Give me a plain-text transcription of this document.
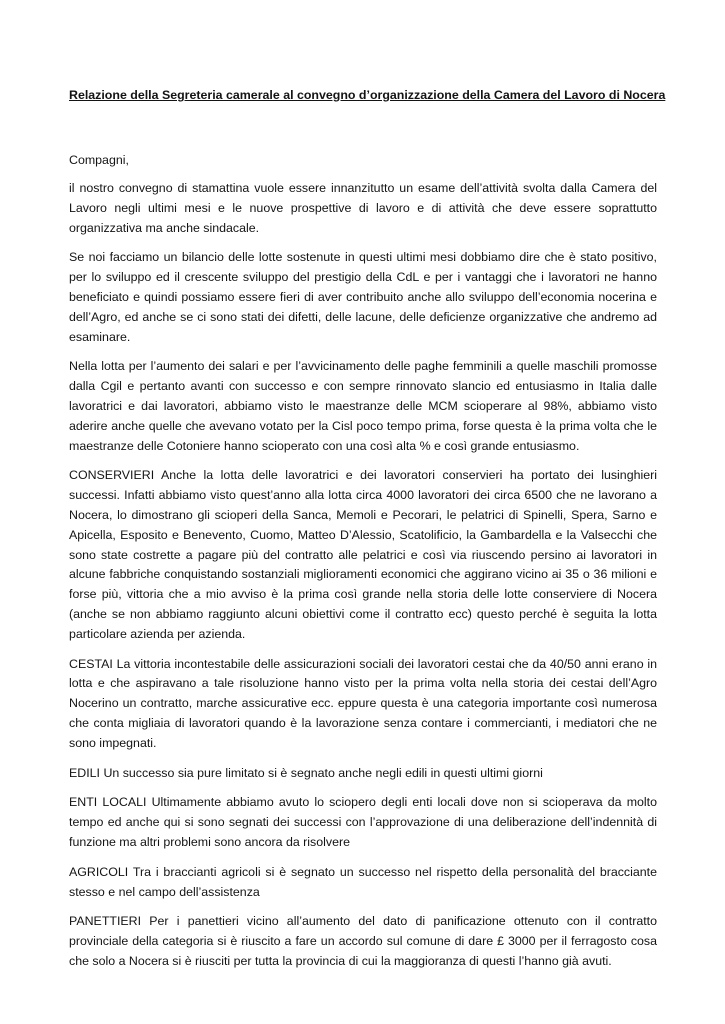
Relazione della Segreteria camerale al convegno d’organizzazione della Camera del Lavoro di Nocera

Compagni,

il nostro convegno di stamattina vuole essere innanzitutto un esame dell’attività svolta dalla Camera del Lavoro negli ultimi mesi e le nuove prospettive di lavoro e di attività che deve essere soprattutto organizzativa ma anche sindacale.

Se noi facciamo un bilancio delle lotte sostenute in questi ultimi mesi dobbiamo dire che è stato positivo, per lo sviluppo ed il crescente sviluppo del prestigio della CdL e per i vantaggi che i lavoratori ne hanno beneficiato e quindi possiamo essere fieri di aver contribuito anche allo sviluppo dell’economia nocerina e dell’Agro, ed anche se ci sono stati dei difetti, delle lacune, delle deficienze organizzative che andremo ad esaminare.

Nella lotta per l’aumento dei salari e per l’avvicinamento delle paghe femminili a quelle maschili promosse dalla Cgil e pertanto avanti con successo e con sempre rinnovato slancio ed entusiasmo in Italia dalle lavoratrici e dai lavoratori, abbiamo visto le maestranze delle MCM scioperare al 98%, abbiamo visto aderire anche quelle che avevano votato per la Cisl poco tempo prima, forse questa è la prima volta che le maestranze delle Cotoniere hanno scioperato con una così alta % e così grande entusiasmo.

CONSERVIERI Anche la lotta delle lavoratrici e dei lavoratori conservieri ha portato dei lusinghieri successi. Infatti abbiamo visto quest’anno alla lotta circa 4000 lavoratori dei circa 6500 che ne lavorano a Nocera, lo dimostrano gli scioperi della Sanca, Memoli e Pecorari, le pelatrici di Spinelli, Spera, Sarno e Apicella, Esposito e Benevento, Cuomo, Matteo D’Alessio, Scatolificio, la Gambardella e la Valsecchi che sono state costrette a pagare più del contratto alle pelatrici e così via riuscendo persino ai lavoratori in alcune fabbriche conquistando sostanziali miglioramenti economici che aggirano vicino ai 35 o 36 milioni e forse più, vittoria che a mio avviso è la prima così grande nella storia delle lotte conserviere di Nocera (anche se non abbiamo raggiunto alcuni obiettivi come il contratto ecc) questo perché è seguita la lotta particolare azienda per azienda.

CESTAI La vittoria incontestabile delle assicurazioni sociali dei lavoratori cestai che da 40/50 anni erano in lotta e che aspiravano a tale risoluzione hanno visto per la prima volta nella storia dei cestai dell’Agro Nocerino un contratto, marche assicurative ecc. eppure questa è una categoria importante così numerosa che conta migliaia di lavoratori quando è la lavorazione senza contare i commercianti, i mediatori che ne sono impegnati.

EDILI Un successo sia pure limitato si è segnato anche negli edili in questi ultimi giorni

ENTI LOCALI Ultimamente abbiamo avuto lo sciopero degli enti locali dove non si scioperava da molto tempo ed anche qui si sono segnati dei successi con l’approvazione di una deliberazione dell’indennità di funzione ma altri problemi sono ancora da risolvere

AGRICOLI Tra i braccianti agricoli si è segnato un successo nel rispetto della personalità del bracciante stesso e nel campo dell’assistenza

PANETTIERI Per i panettieri vicino all’aumento del dato di panificazione ottenuto con il contratto provinciale della categoria si è riuscito a fare un accordo sul comune di dare £ 3000 per il ferragosto cosa che solo a Nocera si è riusciti per tutta la provincia di cui la maggioranza di questi l’hanno già avuti.
